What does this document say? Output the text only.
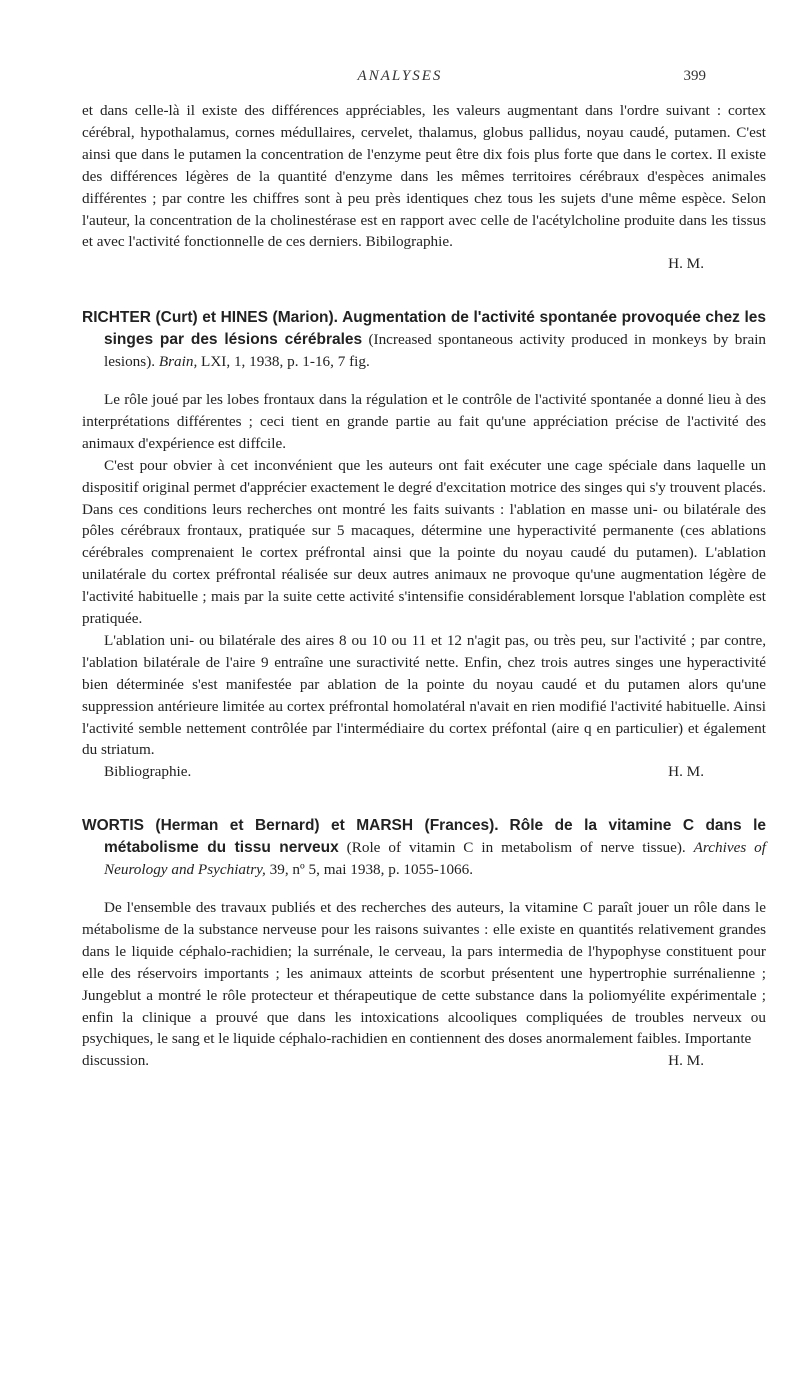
ANALYSES	399

et dans celle-là il existe des différences appréciables, les valeurs augmentant dans l'ordre suivant : cortex cérébral, hypothalamus, cornes médullaires, cervelet, thalamus, globus pallidus, noyau caudé, putamen. C'est ainsi que dans le putamen la concentration de l'enzyme peut être dix fois plus forte que dans le cortex. Il existe des différences légères de la quantité d'enzyme dans les mêmes territoires cérébraux d'espèces animales différentes ; par contre les chiffres sont à peu près identiques chez tous les sujets d'une même espèce. Selon l'auteur, la concentration de la cholinestérase est en rapport avec celle de l'acétylcholine produite dans les tissus et avec l'activité fonctionnelle de ces derniers. Bibilographie.

H. M.

RICHTER (Curt) et HINES (Marion). Augmentation de l'activité spontanée provoquée chez les singes par des lésions cérébrales (Increased spontaneous activity produced in monkeys by brain lesions). Brain, LXI, 1, 1938, p. 1-16, 7 fig.

Le rôle joué par les lobes frontaux dans la régulation et le contrôle de l'activité spontanée a donné lieu à des interprétations différentes ; ceci tient en grande partie au fait qu'une appréciation précise de l'activité des animaux d'expérience est diffcile.

C'est pour obvier à cet inconvénient que les auteurs ont fait exécuter une cage spéciale dans laquelle un dispositif original permet d'apprécier exactement le degré d'excitation motrice des singes qui s'y trouvent placés. Dans ces conditions leurs recherches ont montré les faits suivants : l'ablation en masse uni- ou bilatérale des pôles cérébraux frontaux, pratiquée sur 5 macaques, détermine une hyperactivité permanente (ces ablations cérébrales comprenaient le cortex préfrontal ainsi que la pointe du noyau caudé du putamen). L'ablation unilatérale du cortex préfrontal réalisée sur deux autres animaux ne provoque qu'une augmentation légère de l'activité habituelle ; mais par la suite cette activité s'intensifie considérablement lorsque l'ablation complète est pratiquée.

L'ablation uni- ou bilatérale des aires 8 ou 10 ou 11 et 12 n'agit pas, ou très peu, sur l'activité ; par contre, l'ablation bilatérale de l'aire 9 entraîne une suractivité nette. Enfin, chez trois autres singes une hyperactivité bien déterminée s'est manifestée par ablation de la pointe du noyau caudé et du putamen alors qu'une suppression antérieure limitée au cortex préfrontal homolatéral n'avait en rien modifié l'activité habituelle. Ainsi l'activité semble nettement contrôlée par l'intermédiaire du cortex préfontal (aire q en particulier) et également du striatum.

Bibliographie.	H. M.

WORTIS (Herman et Bernard) et MARSH (Frances). Rôle de la vitamine C dans le métabolisme du tissu nerveux (Role of vitamin C in metabolism of nerve tissue). Archives of Neurology and Psychiatry, 39, nº 5, mai 1938, p. 1055-1066.

De l'ensemble des travaux publiés et des recherches des auteurs, la vitamine C paraît jouer un rôle dans le métabolisme de la substance nerveuse pour les raisons suivantes : elle existe en quantités relativement grandes dans le liquide céphalo-rachidien; la surrénale, le cerveau, la pars intermedia de l'hypophyse constituent pour elle des réservoirs importants ; les animaux atteints de scorbut présentent une hypertrophie surrénalienne ; Jungeblut a montré le rôle protecteur et thérapeutique de cette substance dans la poliomyélite expérimentale ; enfin la clinique a prouvé que dans les intoxications alcooliques compliquées de troubles nerveux ou psychiques, le sang et le liquide céphalo-rachidien en contiennent des doses anormalement faibles. Importante

discussion.	H. M.
